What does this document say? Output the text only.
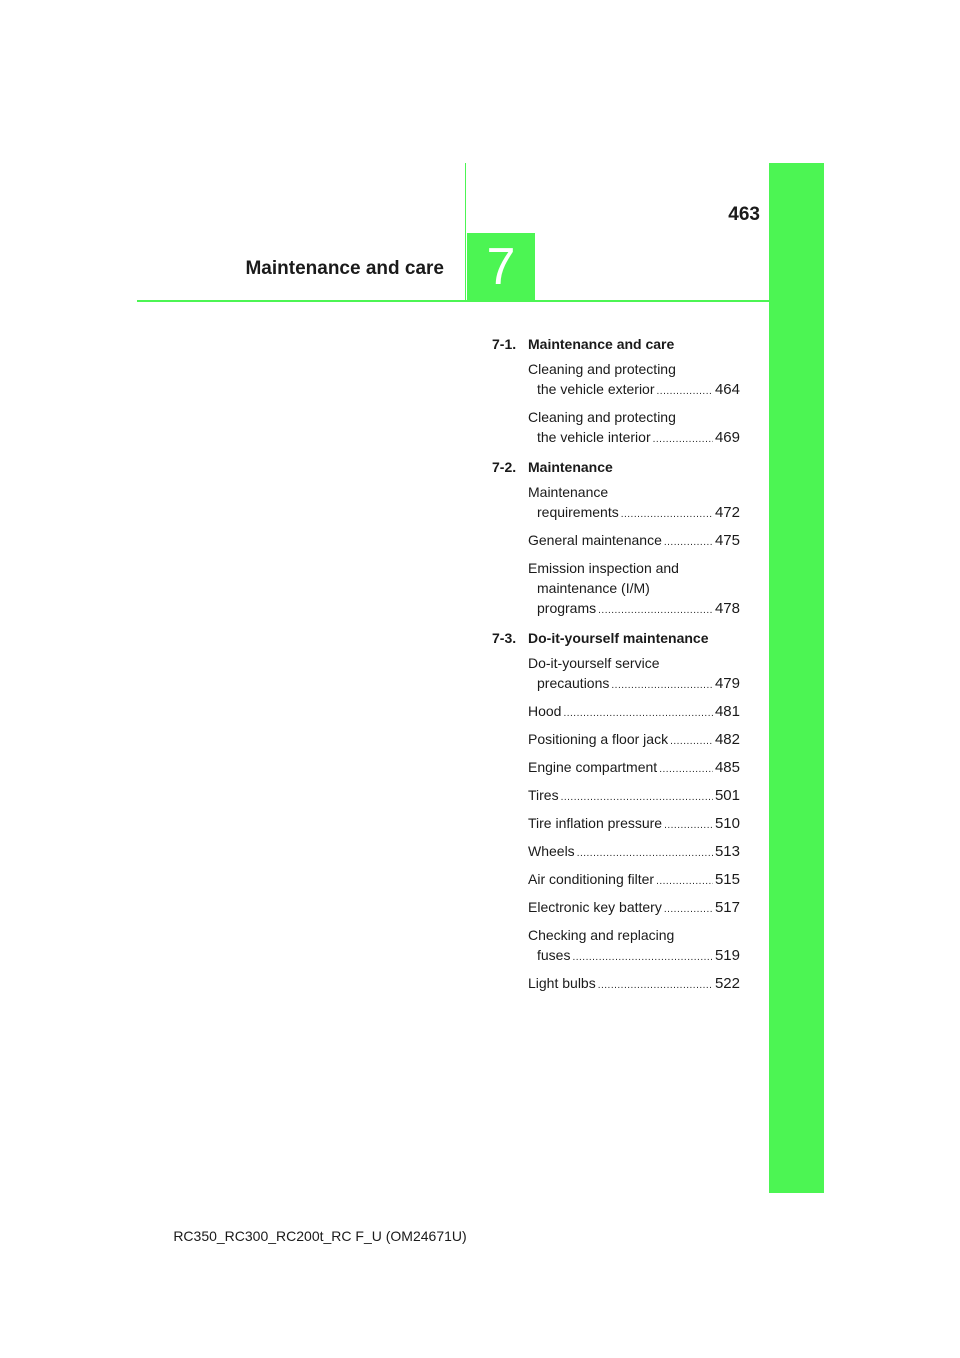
463
Maintenance and care 7
7-1. Maintenance and care
Cleaning and protecting
the vehicle exterior .....	464
Cleaning and protecting
the vehicle interior .....	469
7-2. Maintenance
Maintenance
requirements .....	472
General maintenance .....	475
Emission inspection and
maintenance (I/M)
programs .....	478
7-3. Do-it-yourself maintenance
Do-it-yourself service
precautions .....	479
Hood .....	481
Positioning a floor jack .....	482
Engine compartment .....	485
Tires .....	501
Tire inflation pressure .....	510
Wheels .....	513
Air conditioning filter .....	515
Electronic key battery .....	517
Checking and replacing
fuses .....	519
Light bulbs .....	522
RC350_RC300_RC200t_RC F_U (OM24671U)
